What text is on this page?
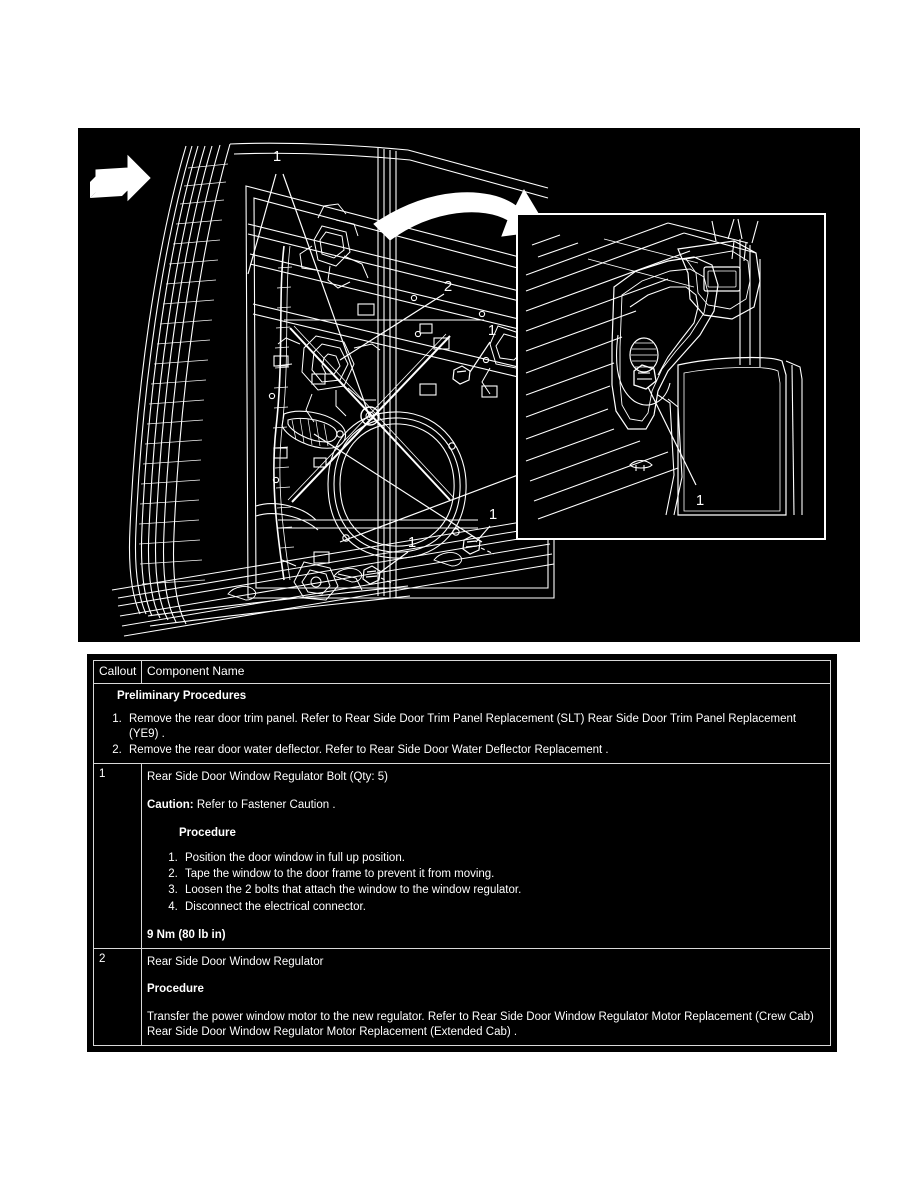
1
2
1
1
1
1
Callout	Component Name

Preliminary Procedures
1. Remove the rear door trim panel. Refer to Rear Side Door Trim Panel Replacement (SLT) Rear Side Door Trim Panel Replacement (YE9) .
2. Remove the rear door water deflector. Refer to Rear Side Door Water Deflector Replacement .

1	Rear Side Door Window Regulator Bolt (Qty: 5)
Caution: Refer to Fastener Caution .
Procedure
1. Position the door window in full up position.
2. Tape the window to the door frame to prevent it from moving.
3. Loosen the 2 bolts that attach the window to the window regulator.
4. Disconnect the electrical connector.
9 Nm (80 lb in)

2	Rear Side Door Window Regulator
Procedure
Transfer the power window motor to the new regulator. Refer to Rear Side Door Window Regulator Motor Replacement (Crew Cab) Rear Side Door Window Regulator Motor Replacement (Extended Cab) .
